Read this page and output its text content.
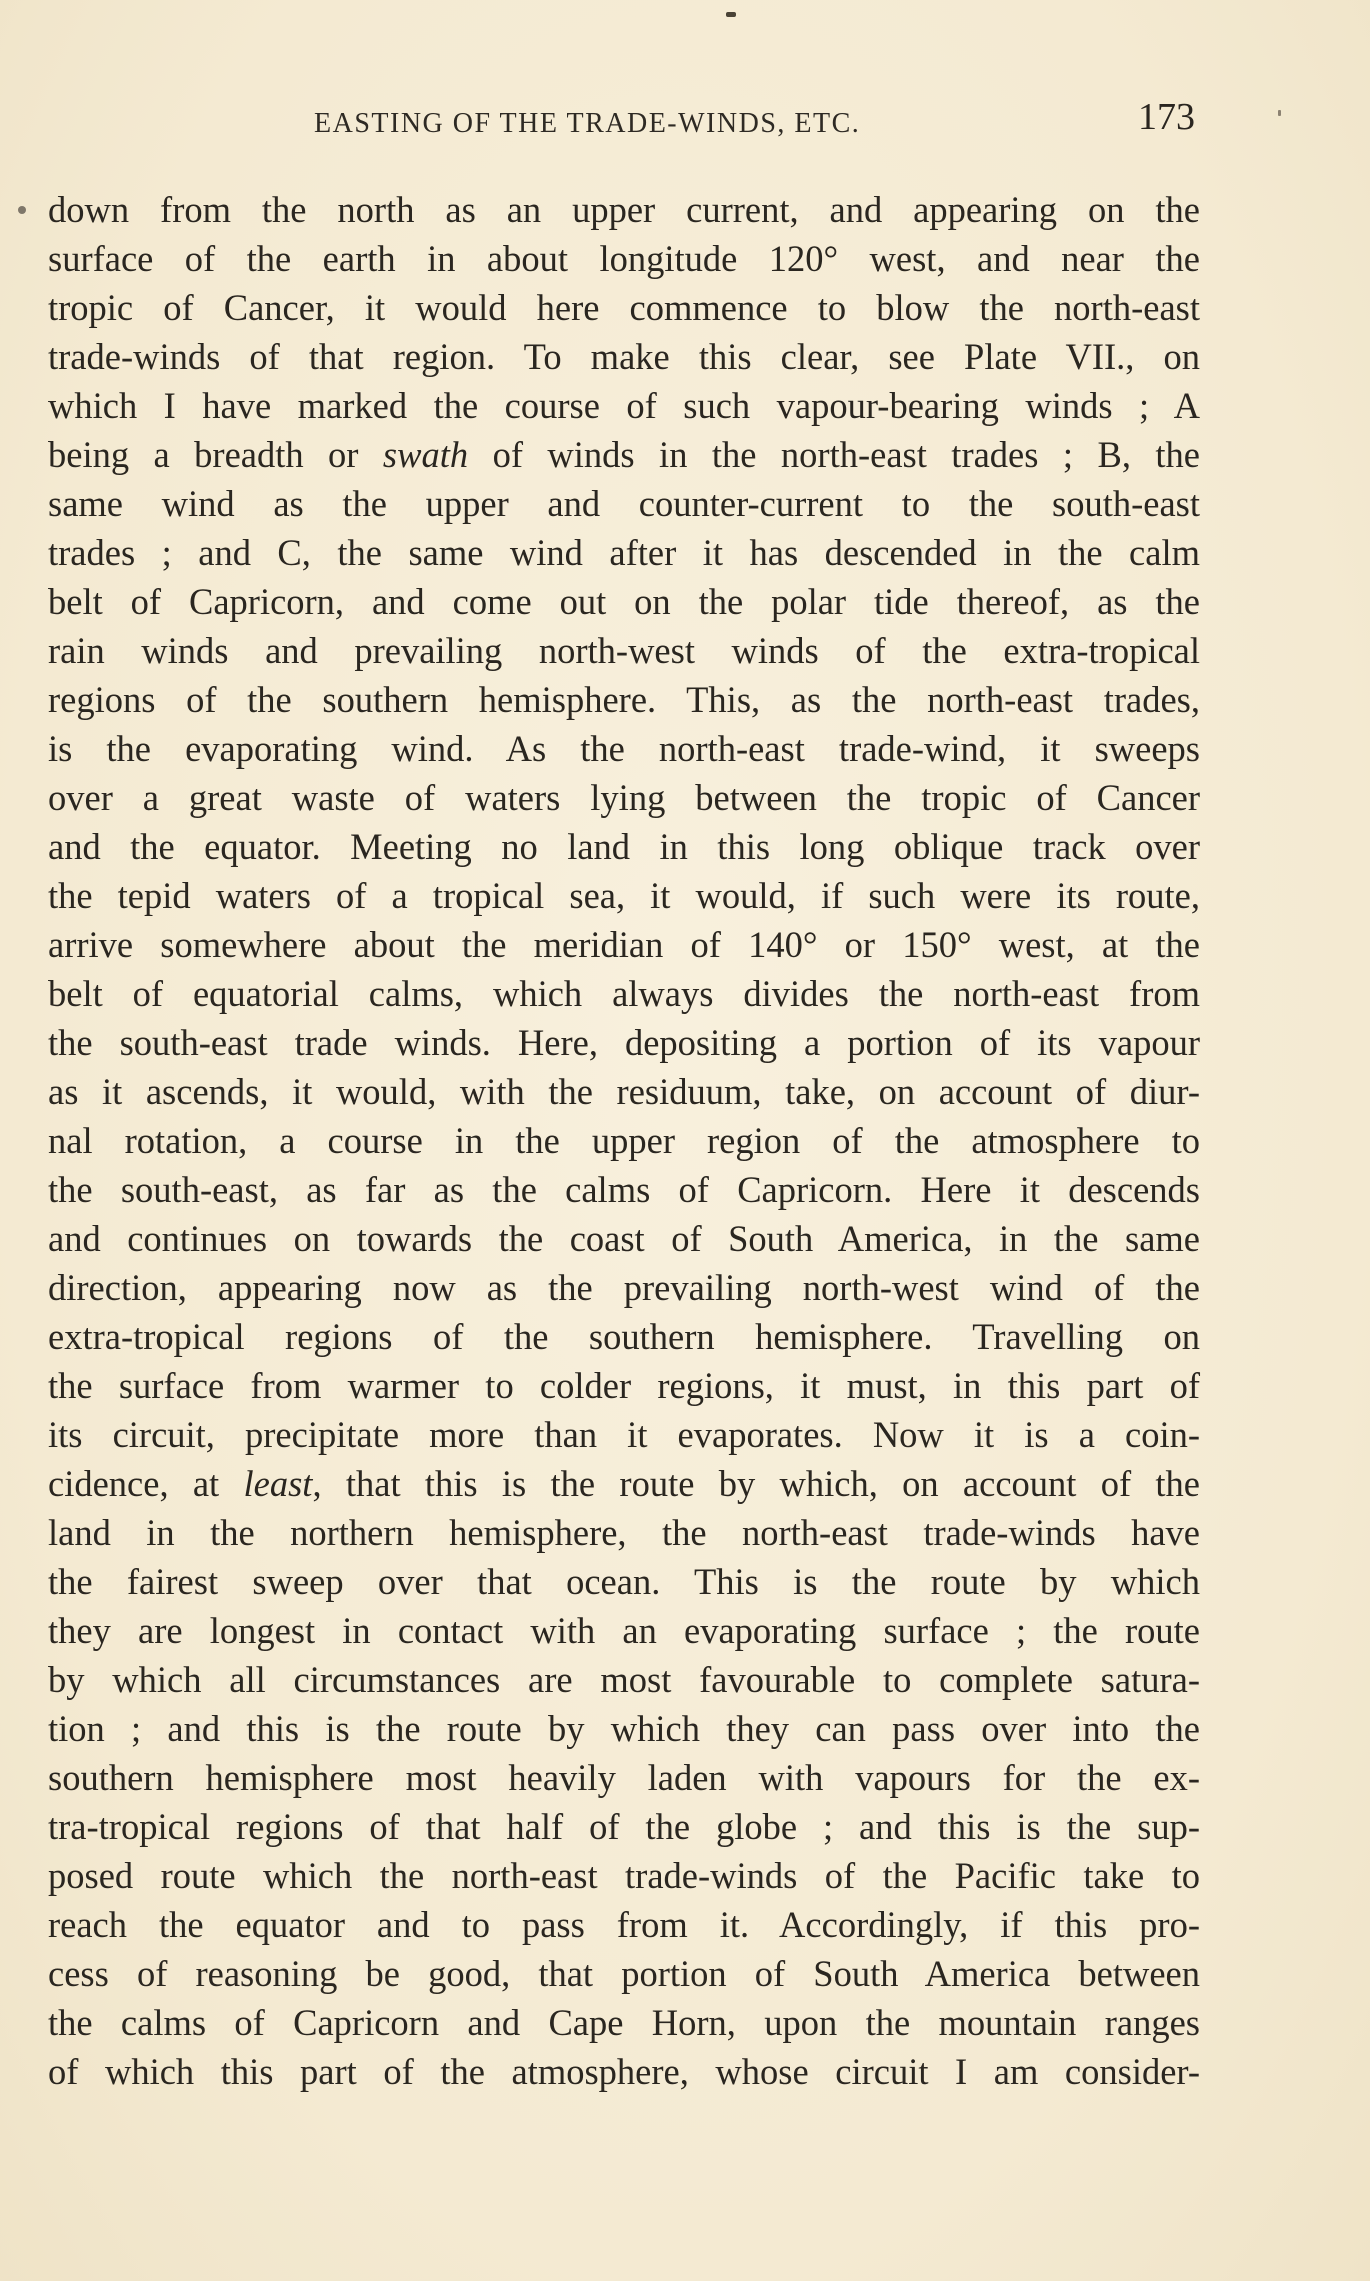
EASTING OF THE TRADE-WINDS, ETC.	173
down from the north as an upper current, and appearing on the
surface of the earth in about longitude 120° west, and near the
tropic of Cancer, it would here commence to blow the north-east
trade-winds of that region. To make this clear, see Plate VII., on
which I have marked the course of such vapour-bearing winds ; A
being a breadth or swath of winds in the north-east trades ; B, the
same wind as the upper and counter-current to the south-east
trades ; and C, the same wind after it has descended in the calm
belt of Capricorn, and come out on the polar tide thereof, as the
rain winds and prevailing north-west winds of the extra-tropical
regions of the southern hemisphere. This, as the north-east trades,
is the evaporating wind. As the north-east trade-wind, it sweeps
over a great waste of waters lying between the tropic of Cancer
and the equator. Meeting no land in this long oblique track over
the tepid waters of a tropical sea, it would, if such were its route,
arrive somewhere about the meridian of 140° or 150° west, at the
belt of equatorial calms, which always divides the north-east from
the south-east trade winds. Here, depositing a portion of its vapour
as it ascends, it would, with the residuum, take, on account of diur-
nal rotation, a course in the upper region of the atmosphere to
the south-east, as far as the calms of Capricorn. Here it descends
and continues on towards the coast of South America, in the same
direction, appearing now as the prevailing north-west wind of the
extra-tropical regions of the southern hemisphere. Travelling on
the surface from warmer to colder regions, it must, in this part of
its circuit, precipitate more than it evaporates. Now it is a coin-
cidence, at least, that this is the route by which, on account of the
land in the northern hemisphere, the north-east trade-winds have
the fairest sweep over that ocean. This is the route by which
they are longest in contact with an evaporating surface ; the route
by which all circumstances are most favourable to complete satura-
tion ; and this is the route by which they can pass over into the
southern hemisphere most heavily laden with vapours for the ex-
tra-tropical regions of that half of the globe ; and this is the sup-
posed route which the north-east trade-winds of the Pacific take to
reach the equator and to pass from it. Accordingly, if this pro-
cess of reasoning be good, that portion of South America between
the calms of Capricorn and Cape Horn, upon the mountain ranges
of which this part of the atmosphere, whose circuit I am consider-
